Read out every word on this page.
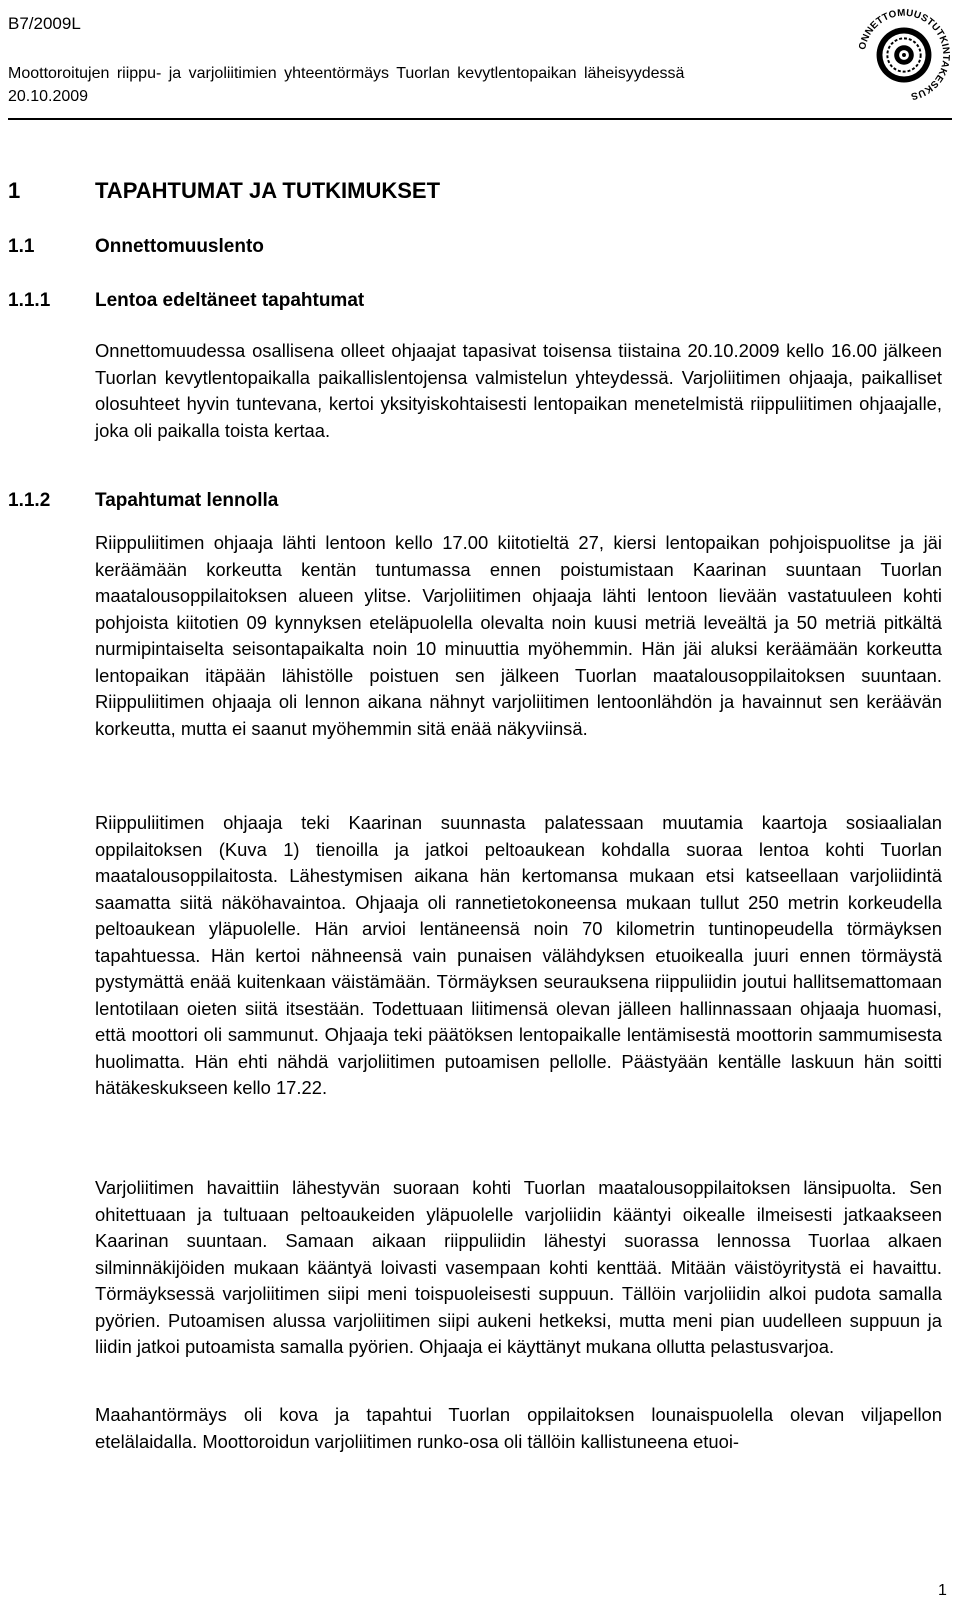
B7/2009L
Moottoroitujen riippu- ja varjoliitimien yhteentörmäys Tuorlan kevytlentopaikan läheisyydessä
20.10.2009
ONNETTOMUUSTUTKINTAKESKUS
1	TAPAHTUMAT JA TUTKIMUKSET
1.1	Onnettomuuslento
1.1.1 Lentoa edeltäneet tapahtumat

Onnettomuudessa osallisena olleet ohjaajat tapasivat toisensa tiistaina 20.10.2009 kello 16.00 jälkeen Tuorlan kevytlentopaikalla paikallislentojensa valmistelun yhteydessä. Varjoliitimen ohjaaja, paikalliset olosuhteet hyvin tuntevana, kertoi yksityiskohtaisesti lentopaikan menetelmistä riippuliitimen ohjaajalle, joka oli paikalla toista kertaa.

1.1.2 Tapahtumat lennolla

Riippuliitimen ohjaaja lähti lentoon kello 17.00 kiitotieltä 27, kiersi lentopaikan pohjoispuolitse ja jäi keräämään korkeutta kentän tuntumassa ennen poistumistaan Kaarinan suuntaan Tuorlan maatalousoppilaitoksen alueen ylitse. Varjoliitimen ohjaaja lähti lentoon lievään vastatuuleen kohti pohjoista kiitotien 09 kynnyksen eteläpuolella olevalta noin kuusi metriä leveältä ja 50 metriä pitkältä nurmipintaiselta seisontapaikalta noin 10 minuuttia myöhemmin. Hän jäi aluksi keräämään korkeutta lentopaikan itäpään lähistölle poistuen sen jälkeen Tuorlan maatalousoppilaitoksen suuntaan. Riippuliitimen ohjaaja oli lennon aikana nähnyt varjoliitimen lentoonlähdön ja havainnut sen keräävän korkeutta, mutta ei saanut myöhemmin sitä enää näkyviinsä.

Riippuliitimen ohjaaja teki Kaarinan suunnasta palatessaan muutamia kaartoja sosiaalialan oppilaitoksen (Kuva 1) tienoilla ja jatkoi peltoaukean kohdalla suoraa lentoa kohti Tuorlan maatalousoppilaitosta. Lähestymisen aikana hän kertomansa mukaan etsi katseellaan varjoliidintä saamatta siitä näköhavaintoa. Ohjaaja oli rannetietokoneensa mukaan tullut 250 metrin korkeudella peltoaukean yläpuolelle. Hän arvioi lentäneensä noin 70 kilometrin tuntinopeudella törmäyksen tapahtuessa. Hän kertoi nähneensä vain punaisen välähdyksen etuoikealla juuri ennen törmäystä pystymättä enää kuitenkaan väistämään. Törmäyksen seurauksena riippuliidin joutui hallitsemattomaan lentotilaan oieten siitä itsestään. Todettuaan liitimensä olevan jälleen hallinnassaan ohjaaja huomasi, että moottori oli sammunut. Ohjaaja teki päätöksen lentopaikalle lentämisestä moottorin sammumisesta huolimatta. Hän ehti nähdä varjoliitimen putoamisen pellolle. Päästyään kentälle laskuun hän soitti hätäkeskukseen kello 17.22.

Varjoliitimen havaittiin lähestyvän suoraan kohti Tuorlan maatalousoppilaitoksen länsipuolta. Sen ohitettuaan ja tultuaan peltoaukeiden yläpuolelle varjoliidin kääntyi oikealle ilmeisesti jatkaakseen Kaarinan suuntaan. Samaan aikaan riippuliidin lähestyi suorassa lennossa Tuorlaa alkaen silminnäkijöiden mukaan kääntyä loivasti vasempaan kohti kenttää. Mitään väistöyritystä ei havaittu. Törmäyksessä varjoliitimen siipi meni toispuoleisesti suppuun. Tällöin varjoliidin alkoi pudota samalla pyörien. Putoamisen alussa varjoliitimen siipi aukeni hetkeksi, mutta meni pian uudelleen suppuun ja liidin jatkoi putoamista samalla pyörien. Ohjaaja ei käyttänyt mukana ollutta pelastusvarjoa.

Maahantörmäys oli kova ja tapahtui Tuorlan oppilaitoksen lounaispuolella olevan viljapellon etelälaidalla. Moottoroidun varjoliitimen runko-osa oli tällöin kallistuneena etuoi-

1
